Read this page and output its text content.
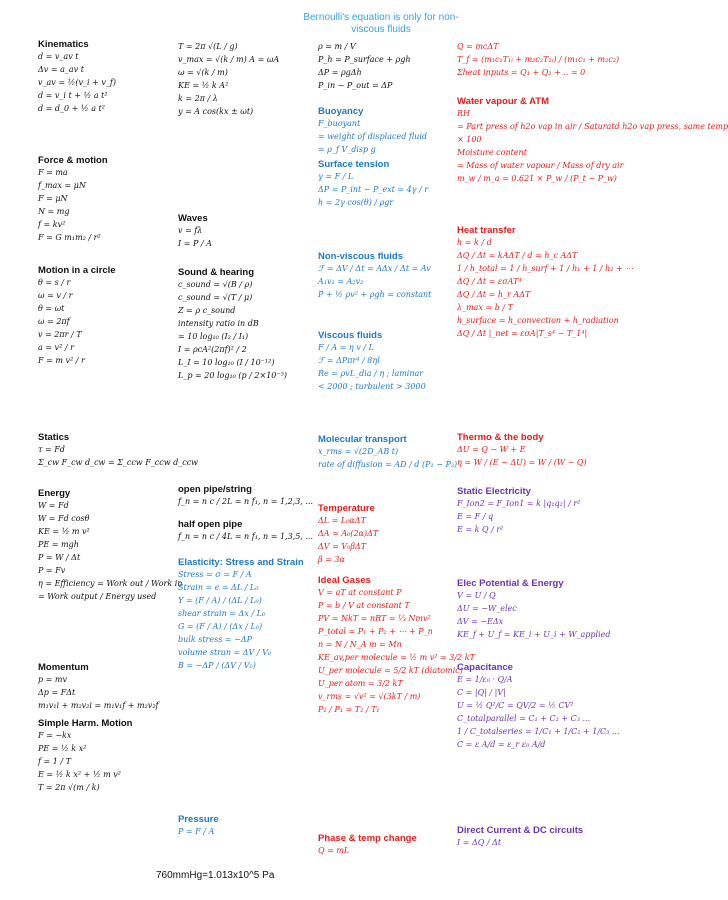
Kinematics
d = v_av t
Δv = a_av t
v_av = ½(v_i + v_f)
d = v_i t + ½ a t²
d = d_0 + ½ a t²
Force & motion
F = ma
f_max = μN
F = μN
N = mg
f = kv²
F = G m₁m₂ / r²
Motion in a circle
θ = s / r
ω = v / r
θ = ωt
ω = 2πf
v = 2πr / T
a = v² / r
F = m v² / r
Statics
τ = Fd
Σ_cw F_cw d_cw = Σ_ccw F_ccw d_ccw
Energy
W = Fd
W = Fd cosθ
KE = ½ m v²
PE = mgh
P = W / Δt
P = Fv
η = Efficiency = Work out / Work in
= Work output / Energy used
Momentum
p = mv
Δp = FΔt
m₁v₁i + m₂v₂i = m₁v₁f + m₂v₂f
Simple Harm. Motion
F = −kx
PE = ½ k x²
f = 1 / T
E = ½ k x² + ½ m v²
T = 2π √(m / k)
T = 2π √(L / g)
v_max = √(k / m) A = ωA
ω = √(k / m)
KE = ½ k A²
k = 2π / λ
y = A cos(kx ± ωt)
Waves
v = fλ
I = P / A
Sound & hearing
c_sound = √(B / ρ)
c_sound = √(T / μ)
Z = ρ c_sound
intensity ratio in dB
= 10 log₁₀ (I₂ / I₁)
I = ρcA²(2πf)² / 2
L_I = 10 log₁₀ (I / 10⁻¹²)
L_p = 20 log₁₀ (p / 2×10⁻⁵)
open pipe/string
f_n = n c / 2L = n f₁, n = 1,2,3, ...
half open pipe
f_n = n c / 4L = n f₁, n = 1,3,5, ...
Elasticity: Stress and Strain
Stress = σ = F / A
Strain = ϵ = ΔL / L₀
Y = (F / A) / (ΔL / L₀)
shear strain = Δx / L₀
G = (F / A) / (Δx / L₀)
bulk stress = −ΔP
volume stran = ΔV / V₀
B = −ΔP / (ΔV / V₀)
Pressure
P = F / A
ρ = m / V
P_h = P_surface + ρgh
ΔP = ρgΔh
P_in − P_out = ΔP
Buoyancy
F_buoyant
= weight of displaced fluid
= ρ_f V_disp g
Surface tension
γ = F / L
ΔP = P_int − P_ext = 4γ / r
h = 2γ cos(θ) / ρgr
Non-viscous fluids
ℱ = ΔV / Δt = AΔx / Δt = Av
A₁v₁ = A₂v₂
P + ½ ρv² + ρgh = constant
Viscous fluids
F / A = η v / L
ℱ = ΔPπr⁴ / 8ηl
Re = ρvL_dia / η ; laminar
< 2000 ; turbulent > 3000
Molecular transport
x_rms = √(2D_AB t)
rate of diffusion = AD / d (P₁ − P₂)
Temperature
ΔL = L₀αΔT
ΔA ≈ A₀(2α)ΔT
ΔV = V₀βΔT
β = 3α
Ideal Gases
V = aT at constant P
P = b / V at constant T
PV = NkT = nRT = ⅓ Nmv²
P_total = P₁ + P₂ + ⋯ + P_n
n = N / N_A m = Mn
KE_av,per molecule = ½ m v² = 3/2 kT
U_per molecule = 5/2 kT (diatomic)
U_per atom = 3/2 kT
v_rms = √v² = √(3kT / m)
P₂ / P₁ = T₂ / T₁
Phase & temp change
Q = mL
Q = mcΔT
T_f = (m₁c₁T₁ᵢ + m₂c₂T₂ᵢ) / (m₁c₁ + m₂c₂)
Σheat inputs = Q₁ + Q₂ + .. = 0
Water vapour & ATM
RH
= Part press of h2o vap in air / Saturatd h2o vap press, same temp
× 100
Moisture content
= Mass of water vapour / Mass of dry air
m_w / m_a = 0.621 × P_w / (P_t − P_w)
Heat transfer
h = k / d
ΔQ / Δt = kAΔT / d = h_c AΔT
1 / h_total = 1 / h_surf + 1 / h₁ + 1 / h₂ + ⋯
ΔQ / Δt = εσAT⁴
ΔQ / Δt = h_r AΔT
λ_max = b / T
h_surface = h_convection + h_radiation
ΔQ / Δt |_net = εσA|T_s⁴ − T_1⁴|
Thermo & the body
ΔU = Q − W + E
η = W / (E − ΔU) = W / (W − Q)
Static Electricity
F_Ion2 = F_Ion1 = k |q₁q₂| / r²
E = F / q
E = k Q / r²
Elec Potential & Energy
V = U / Q
ΔU = −W_elec
ΔV = −EΔx
KE_f + U_f = KE_i + U_i + W_applied
Capacitance
E = 1/ε₀ · Q/A
C = |Q| / |V|
U = ½ Q²/C = QV/2 = ½ CV²
C_totalparallel = C₁ + C₂ + C₃ ...
1 / C_totalseries = 1/C₁ + 1/C₂ + 1/C₃ ...
C = ε A/d = ε_r ε₀ A/d
Direct Current & DC circuits
I = ΔQ / Δt
Bernoulli's equation is only for non-viscous fluids
760mmHg=1.013x10^5 Pa
